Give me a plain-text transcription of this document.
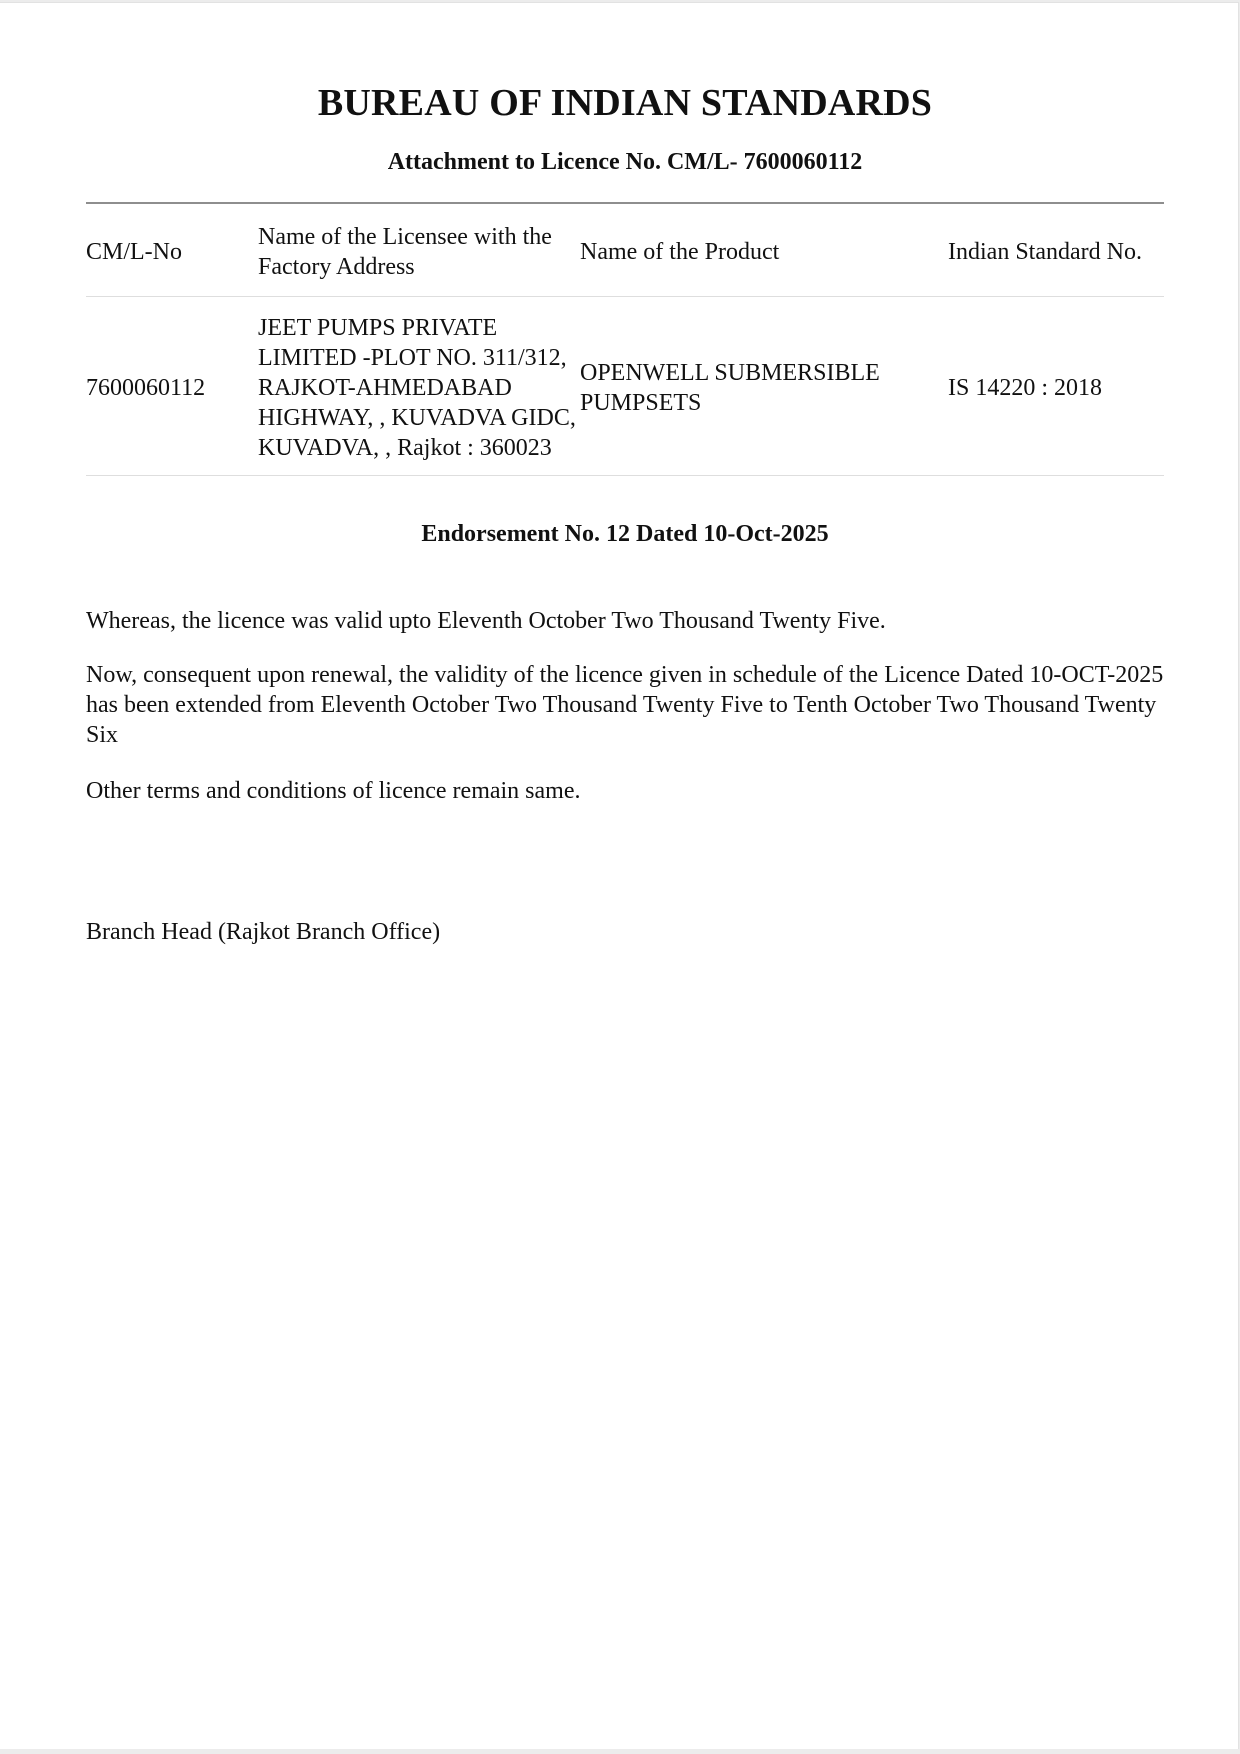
BUREAU OF INDIAN STANDARDS
Attachment to Licence No. CM/L- 7600060112
CM/L-No	Name of the Licensee with the Factory Address	Name of the Product	Indian Standard No.
7600060112	JEET PUMPS PRIVATE LIMITED -PLOT NO. 311/312, RAJKOT-AHMEDABAD HIGHWAY, , KUVADVA GIDC, KUVADVA, , Rajkot : 360023	OPENWELL SUBMERSIBLE PUMPSETS	IS 14220 : 2018
Endorsement No. 12 Dated 10-Oct-2025

Whereas, the licence was valid upto Eleventh October Two Thousand Twenty Five.

Now, consequent upon renewal, the validity of the licence given in schedule of the Licence Dated 10-OCT-2025 has been extended from Eleventh October Two Thousand Twenty Five to Tenth October Two Thousand Twenty Six

Other terms and conditions of licence remain same.

Branch Head (Rajkot Branch Office)
